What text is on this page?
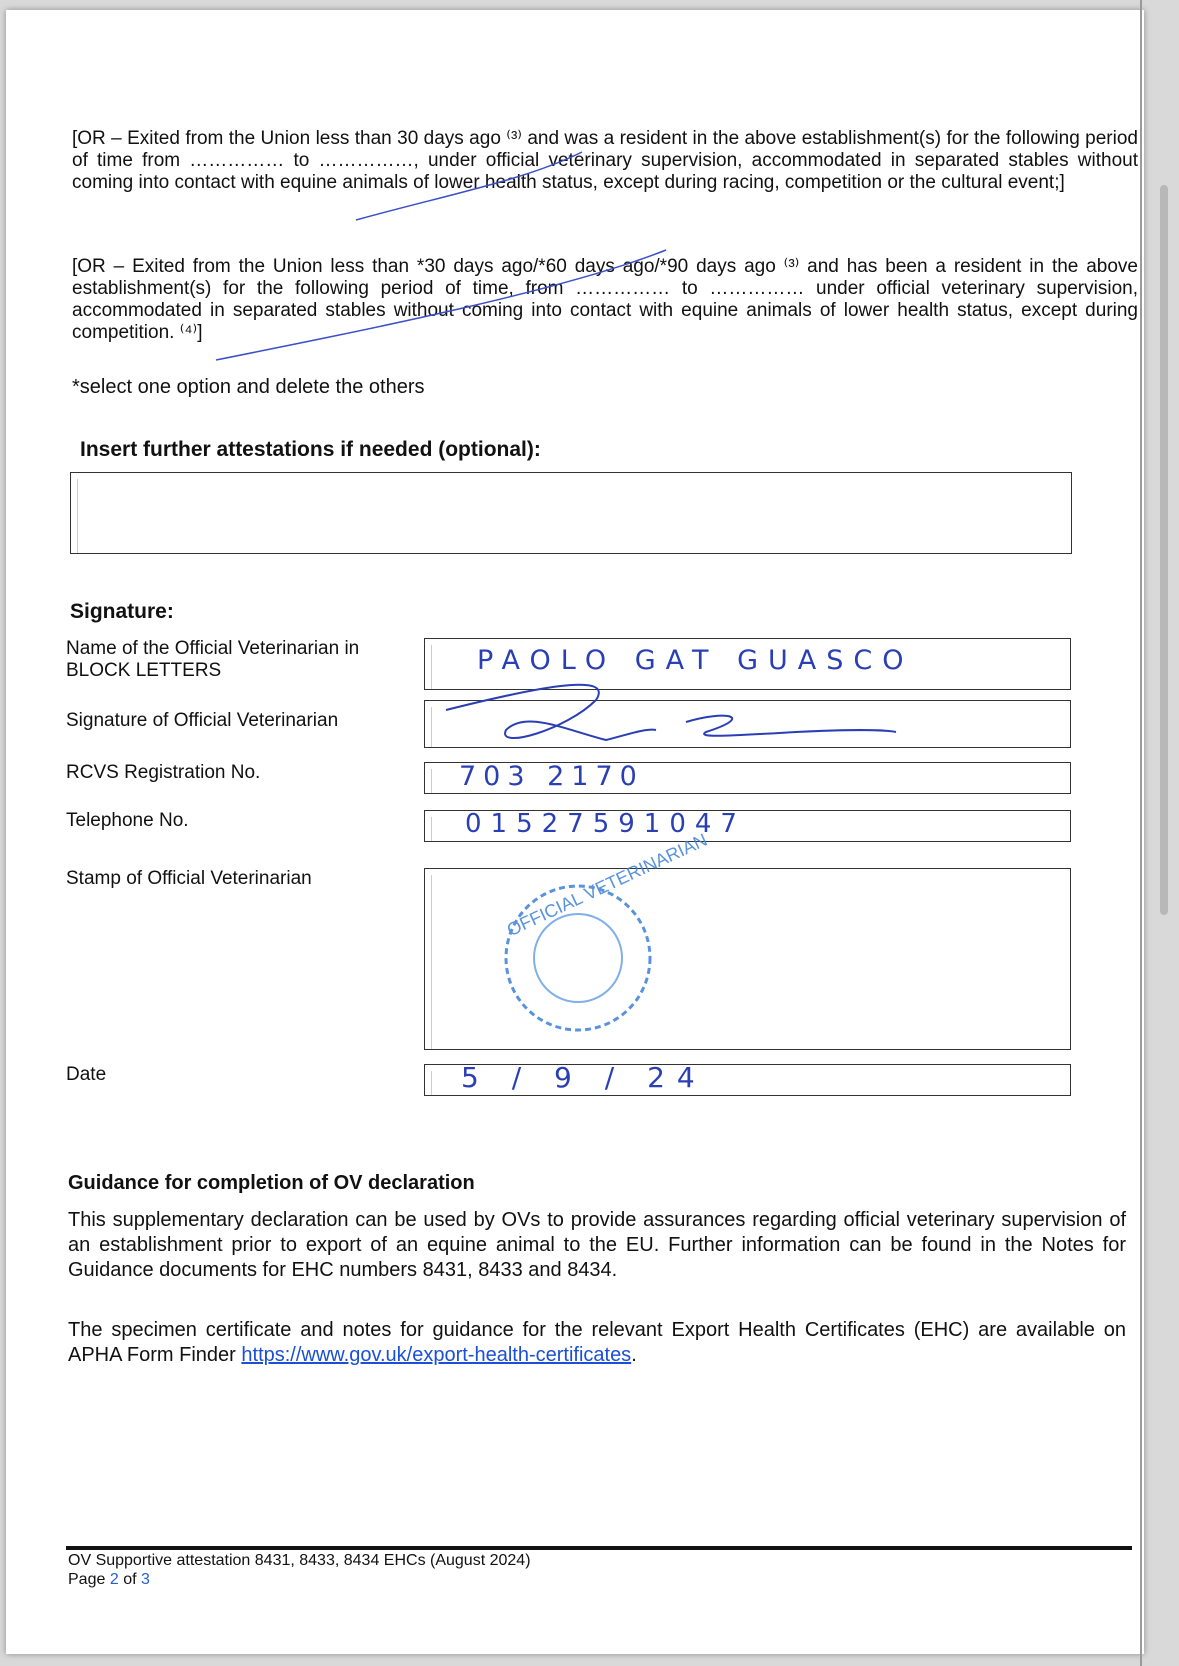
[OR – Exited from the Union less than 30 days ago ⁽³⁾ and was a resident in the above establishment(s) for the following period of time from …………… to ……………, under official veterinary supervision, accommodated in separated stables without coming into contact with equine animals of lower health status, except during racing, competition or the cultural event;]
[OR – Exited from the Union less than *30 days ago/*60 days ago/*90 days ago ⁽³⁾ and has been a resident in the above establishment(s) for the following period of time, from …………… to …………… under official veterinary supervision, accommodated in separated stables without coming into contact with equine animals of lower health status, except during competition. ⁽⁴⁾]
*select one option and delete the others
Insert further attestations if needed (optional):
Signature:
Name of the Official Veterinarian in BLOCK LETTERS	PAOLO GAT GUASCO
Signature of Official Veterinarian
RCVS Registration No.	703 2170
Telephone No.	01527591047
Stamp of Official Veterinarian
Date	5 / 9 / 24
Guidance for completion of OV declaration
This supplementary declaration can be used by OVs to provide assurances regarding official veterinary supervision of an establishment prior to export of an equine animal to the EU. Further information can be found in the Notes for Guidance documents for EHC numbers 8431, 8433 and 8434.
The specimen certificate and notes for guidance for the relevant Export Health Certificates (EHC) are available on APHA Form Finder https://www.gov.uk/export-health-certificates.
OV Supportive attestation 8431, 8433, 8434 EHCs (August 2024)
Page 2 of 3
OFFICIAL VETERINARIAN
